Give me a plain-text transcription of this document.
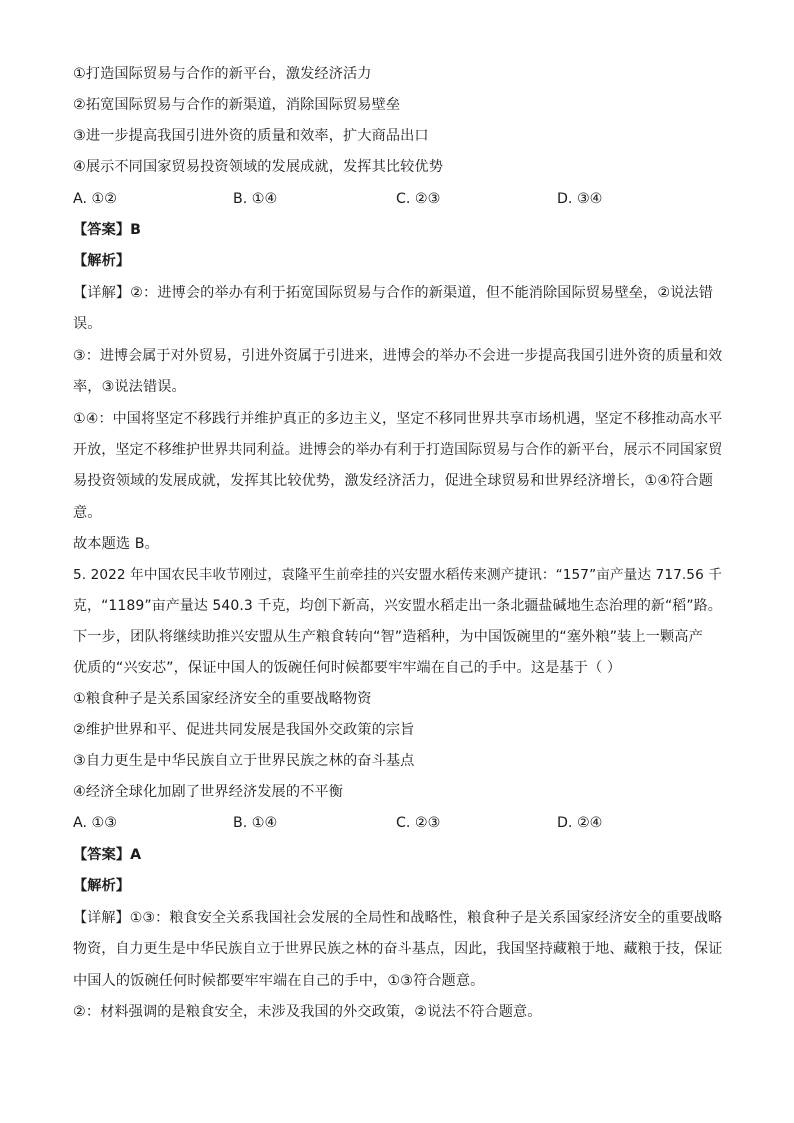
①打造国际贸易与合作的新平台，激发经济活力
②拓宽国际贸易与合作的新渠道，消除国际贸易壁垒
③进一步提高我国引进外资的质量和效率，扩大商品出口
④展示不同国家贸易投资领域的发展成就，发挥其比较优势
A. ①②	B. ①④	C. ②③	D. ③④
【答案】B
【解析】
【详解】②：进博会的举办有利于拓宽国际贸易与合作的新渠道，但不能消除国际贸易壁垒，②说法错
误。
③：进博会属于对外贸易，引进外资属于引进来，进博会的举办不会进一步提高我国引进外资的质量和效
率，③说法错误。
①④：中国将坚定不移践行并维护真正的多边主义，坚定不移同世界共享市场机遇，坚定不移推动高水平
开放，坚定不移维护世界共同利益。进博会的举办有利于打造国际贸易与合作的新平台，展示不同国家贸
易投资领域的发展成就，发挥其比较优势，激发经济活力，促进全球贸易和世界经济增长，①④符合题
意。
故本题选 B。
5. 2022 年中国农民丰收节刚过，袁隆平生前牵挂的兴安盟水稻传来测产捷讯：“157”亩产量达 717.56 千
克，“1189”亩产量达 540.3 千克，均创下新高，兴安盟水稻走出一条北疆盐碱地生态治理的新“稻”路。
下一步，团队将继续助推兴安盟从生产粮食转向“智”造稻种，为中国饭碗里的“塞外粮”装上一颗高产
优质的“兴安芯”，保证中国人的饭碗任何时候都要牢牢端在自己的手中。这是基于（ ）
①粮食种子是关系国家经济安全的重要战略物资
②维护世界和平、促进共同发展是我国外交政策的宗旨
③自力更生是中华民族自立于世界民族之林的奋斗基点
④经济全球化加剧了世界经济发展的不平衡
A. ①③	B. ①④	C. ②③	D. ②④
【答案】A
【解析】
【详解】①③：粮食安全关系我国社会发展的全局性和战略性，粮食种子是关系国家经济安全的重要战略
物资，自力更生是中华民族自立于世界民族之林的奋斗基点，因此，我国坚持藏粮于地、藏粮于技，保证
中国人的饭碗任何时候都要牢牢端在自己的手中，①③符合题意。
②：材料强调的是粮食安全，未涉及我国的外交政策，②说法不符合题意。
